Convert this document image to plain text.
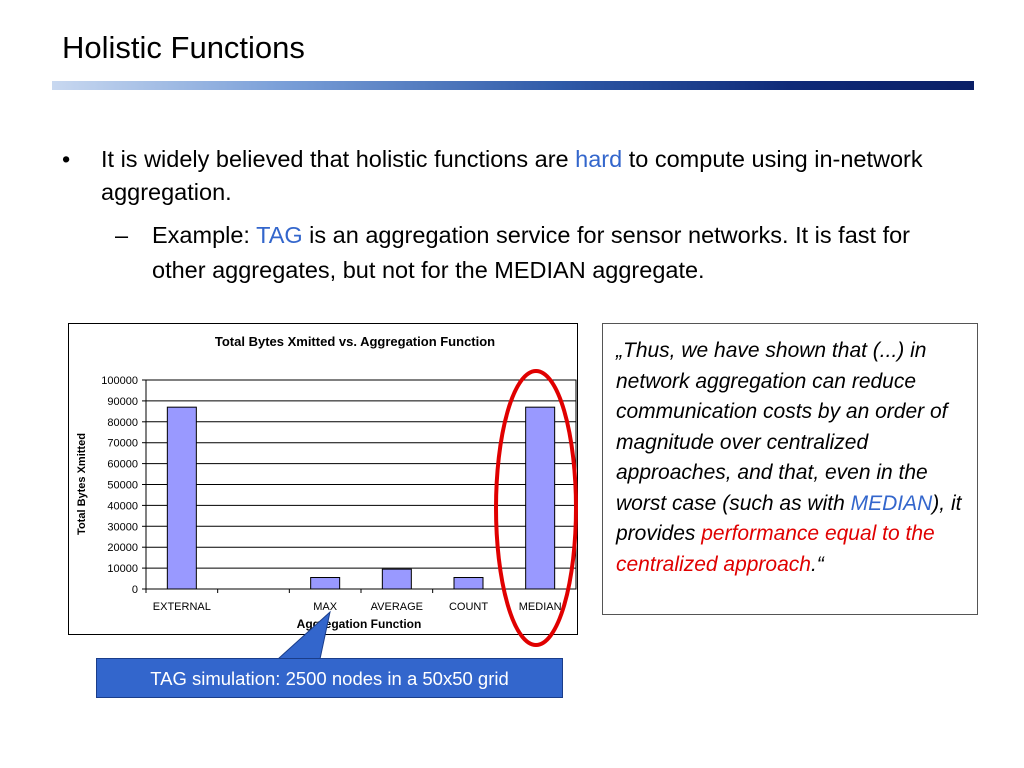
Holistic Functions
• It is widely believed that holistic functions are hard to compute using in-network aggregation.
– Example: TAG is an aggregation service for sensor networks. It is fast for other aggregates, but not for the MEDIAN aggregate.
Total Bytes Xmitted vs. Aggregation Function
0
10000
20000
30000
40000
50000
60000
70000
80000
90000
100000
EXTERNAL	MAX	AVERAGE COUNT	MEDIAN
Aggregation Function
Total Bytes Xmitted
„Thus, we have shown that (...) in network aggregation can reduce communication costs by an order of magnitude over centralized approaches, and that, even in the worst case (such as with MEDIAN), it provides performance equal to the centralized approach.“
TAG simulation: 2500 nodes in a 50x50 grid
